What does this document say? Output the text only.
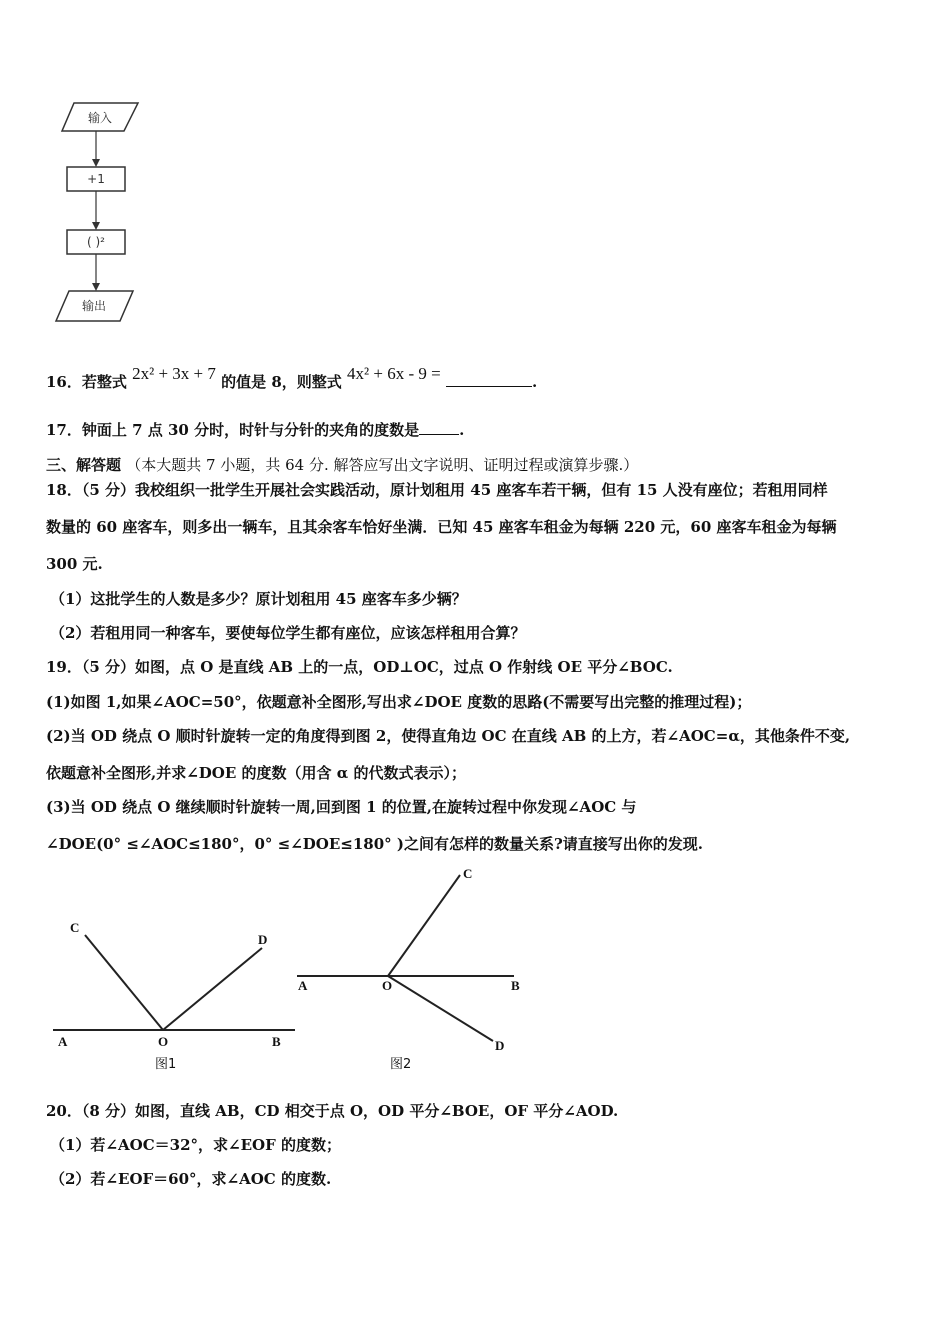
输入
+1
( )²
输出
16．若整式 2x² + 3x + 7 的值是 8，则整式 4x² + 6x - 9 =	.
17．钟面上 7 点 30 分时，时针与分针的夹角的度数是	.
三、解答题 （本大题共 7 小题，共 64 分. 解答应写出文字说明、证明过程或演算步骤.）
18．（5 分）我校组织一批学生开展社会实践活动，原计划租用 45 座客车若干辆，但有 15 人没有座位；若租用同样
数量的 60 座客车，则多出一辆车，且其余客车恰好坐满．已知 45 座客车租金为每辆 220 元，60 座客车租金为每辆
300 元.
（1）这批学生的人数是多少？原计划租用 45 座客车多少辆？
（2）若租用同一种客车，要使每位学生都有座位，应该怎样租用合算？
19．（5 分）如图，点 O 是直线 AB 上的一点，OD⊥OC，过点 O 作射线 OE 平分∠BOC.
(1)如图 1,如果∠AOC=50°，依题意补全图形,写出求∠DOE 度数的思路(不需要写出完整的推理过程)；
(2)当 OD 绕点 O 顺时针旋转一定的角度得到图 2，使得直角边 OC 在直线 AB 的上方，若∠AOC=α，其他条件不变,
依题意补全图形,并求∠DOE 的度数（用含 α 的代数式表示）；
(3)当 OD 绕点 O 继续顺时针旋转一周,回到图 1 的位置,在旋转过程中你发现∠AOC 与
∠DOE(0° ≤∠AOC≤180°，0° ≤∠DOE≤180° )之间有怎样的数量关系?请直接写出你的发现.
C
D
A	O	B
图1
C
A	O	B
D
图2
20．（8 分）如图，直线 AB，CD 相交于点 O，OD 平分∠BOE，OF 平分∠AOD.
（1）若∠AOC＝32°，求∠EOF 的度数；
（2）若∠EOF＝60°，求∠AOC 的度数.
